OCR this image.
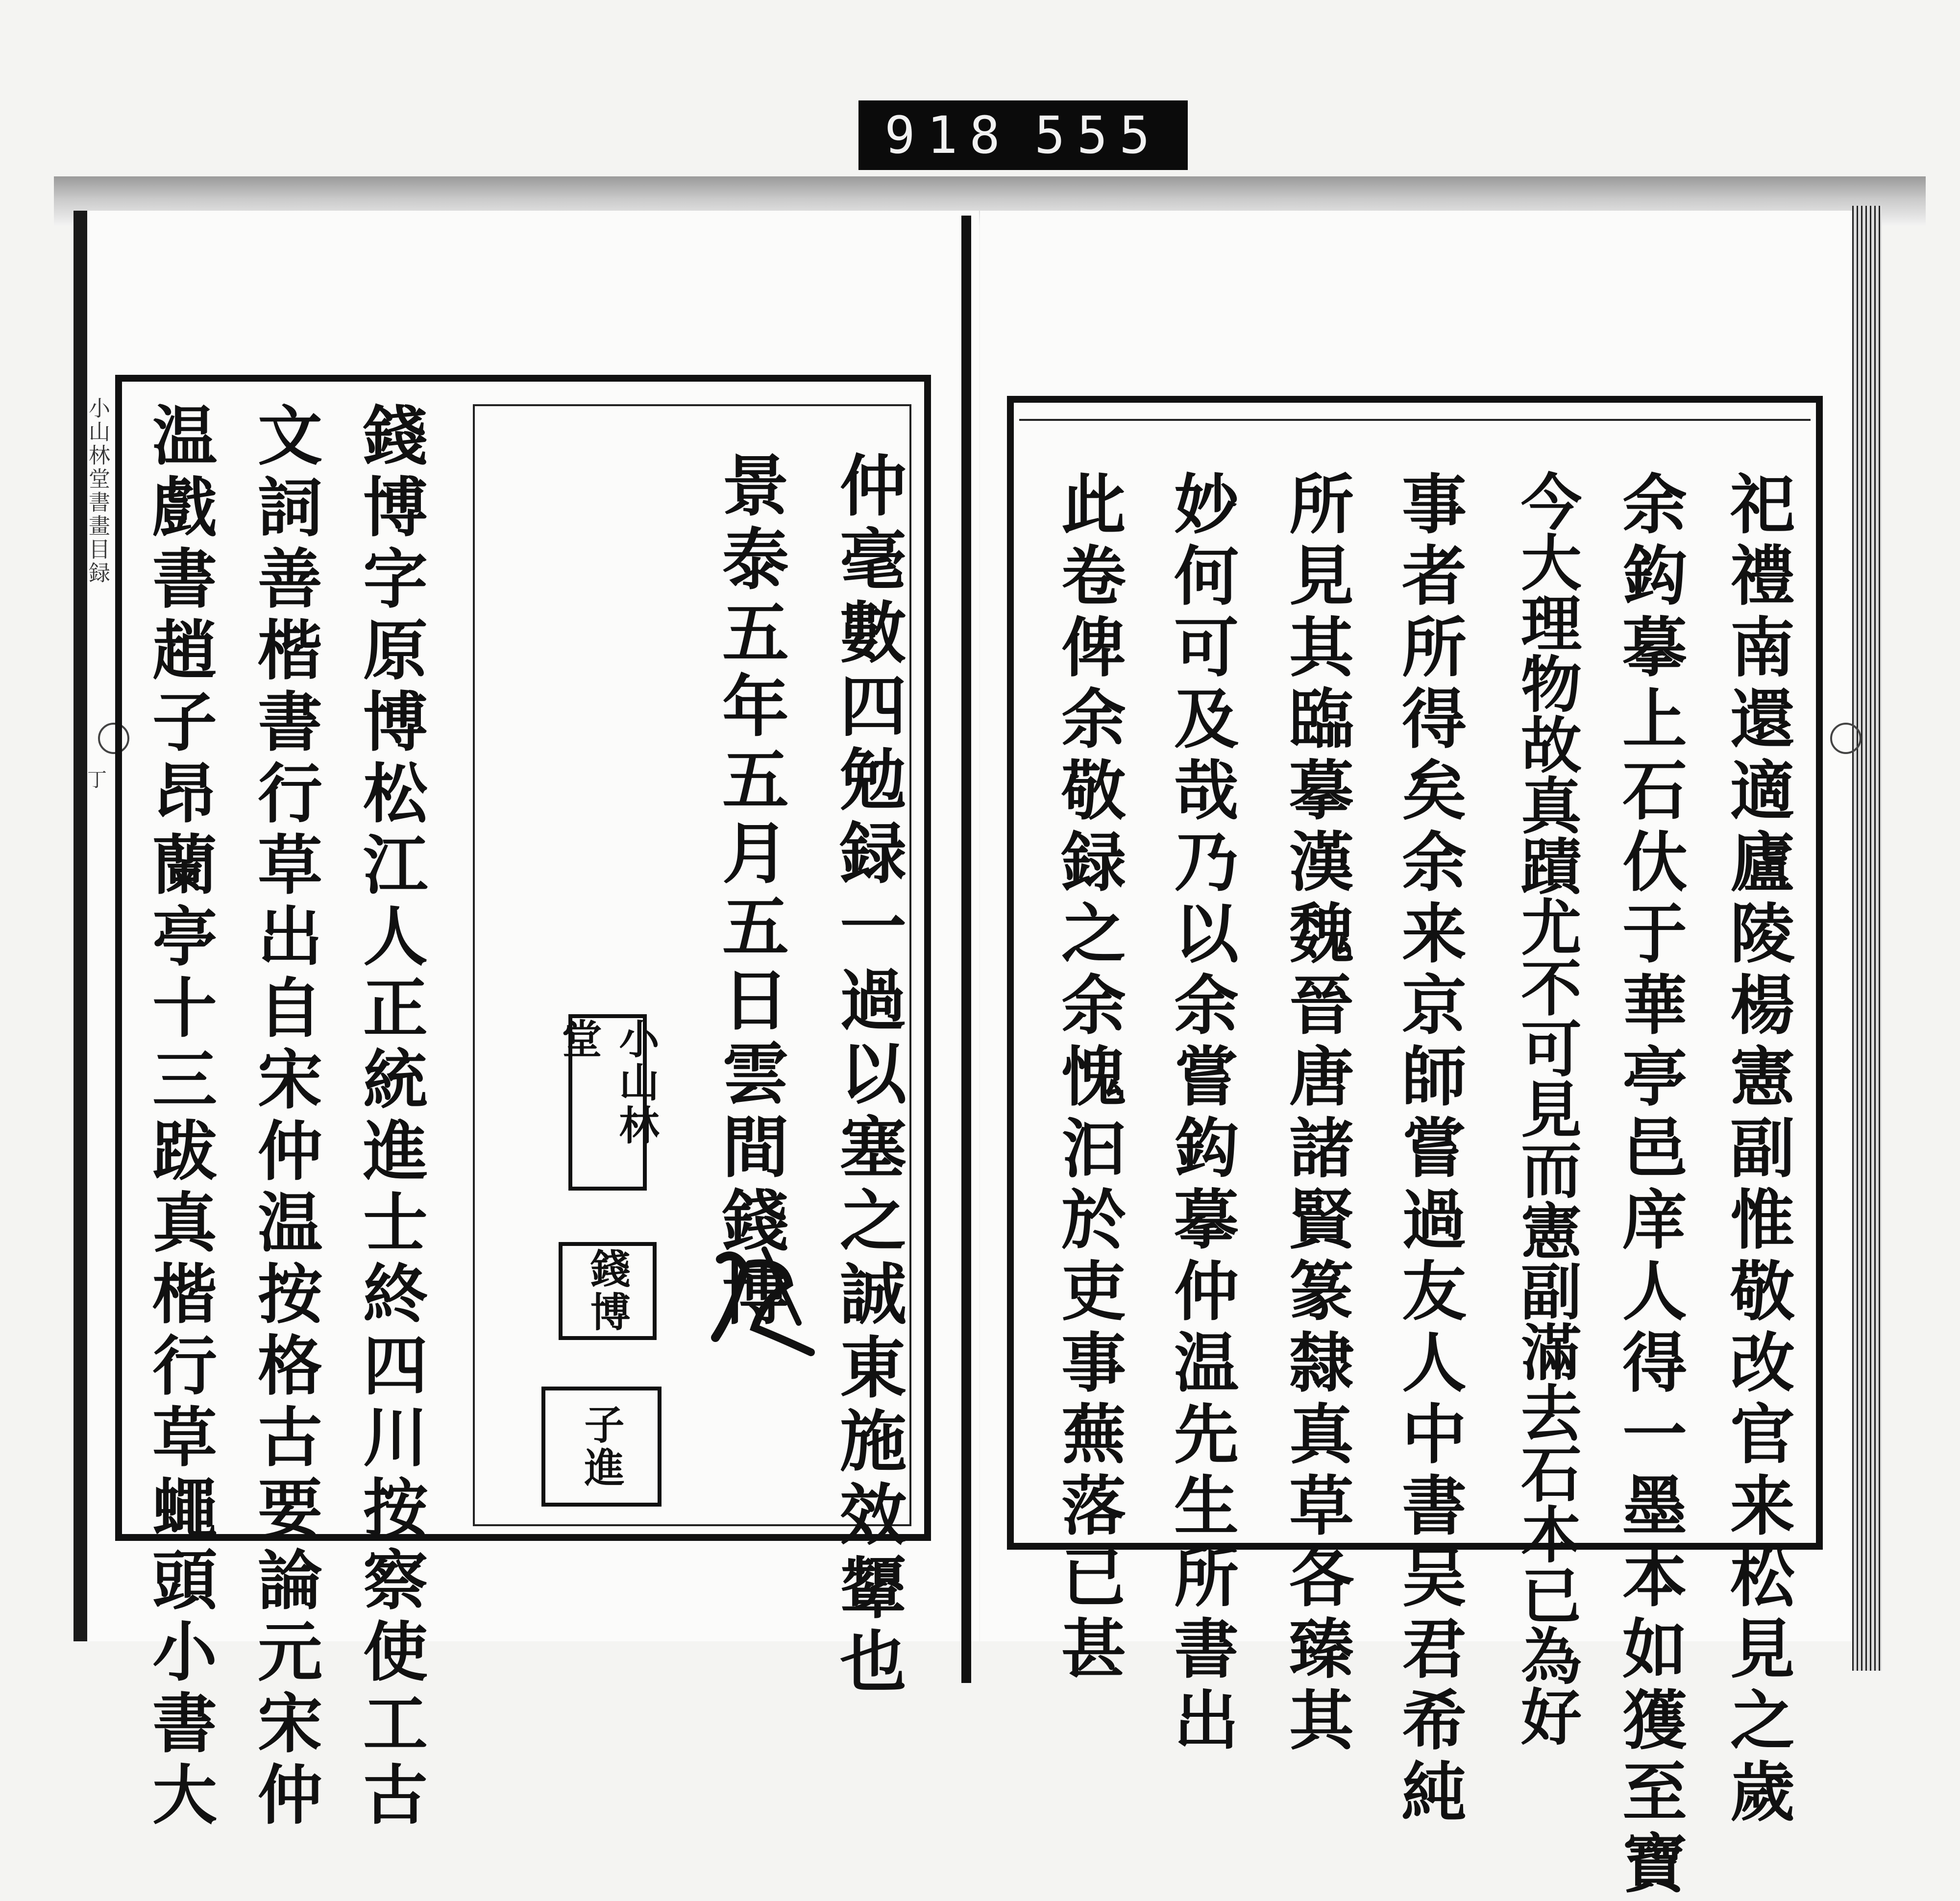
918 555
小山林堂書畫目録
丁	祀禮南還適廬陵楊憲副惟敬改官来松見之歲
余鈎摹上石㐲于華亭邑庠人得一墨本如獲至寶
今大理物故真蹟尤不可見而憲副滿去石本已為好
事者所得矣余来京師嘗過友人中書吴君希純
所見其臨摹漢魏晉唐諸賢篆隸真草各臻其
妙何可及哉乃以余嘗鈎摹仲温先生所書出
此卷俾余敬録之余愧汩於吏事蕪落已甚
仲毫數四勉録一過以塞之誠東施效顰也
景泰五年五月五日雲間錢博
小山林堂
錢博
子進
錢博字原博松江人正統進士終四川按察使工古
文詞善楷書行草出自宋仲温按格古要論元宋仲
温戲書趙子昂蘭亭十三跋真楷行草蠅頭小書大
